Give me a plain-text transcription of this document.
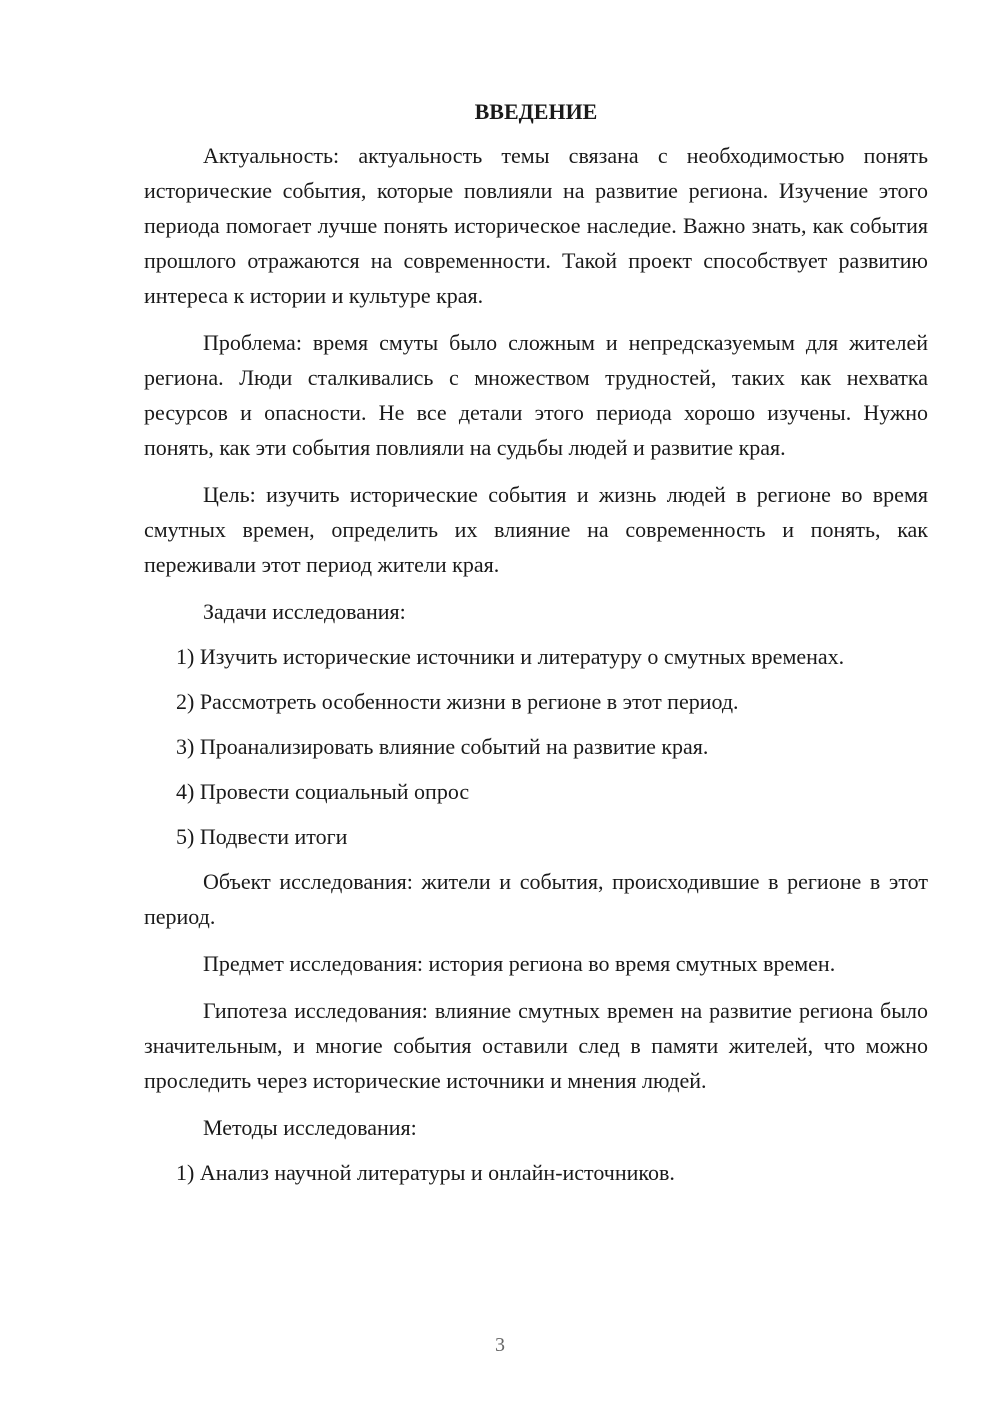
ВВЕДЕНИЕ

Актуальность: актуальность темы связана с необходимостью понять исторические события, которые повлияли на развитие региона. Изучение этого периода помогает лучше понять историческое наследие. Важно знать, как события прошлого отражаются на современности. Такой проект способствует развитию интереса к истории и культуре края.

Проблема: время смуты было сложным и непредсказуемым для жителей региона. Люди сталкивались с множеством трудностей, таких как нехватка ресурсов и опасности. Не все детали этого периода хорошо изучены. Нужно понять, как эти события повлияли на судьбы людей и развитие края.

Цель: изучить исторические события и жизнь людей в регионе во время смутных времен, определить их влияние на современность и понять, как переживали этот период жители края.

Задачи исследования:

1) Изучить исторические источники и литературу о смутных временах.
2) Рассмотреть особенности жизни в регионе в этот период.
3) Проанализировать влияние событий на развитие края.
4) Провести социальный опрос
5) Подвести итоги

Объект исследования: жители и события, происходившие в регионе в этот период.

Предмет исследования: история региона во время смутных времен.

Гипотеза исследования: влияние смутных времен на развитие региона было значительным, и многие события оставили след в памяти жителей, что можно проследить через исторические источники и мнения людей.

Методы исследования:

1) Анализ научной литературы и онлайн-источников.
3
